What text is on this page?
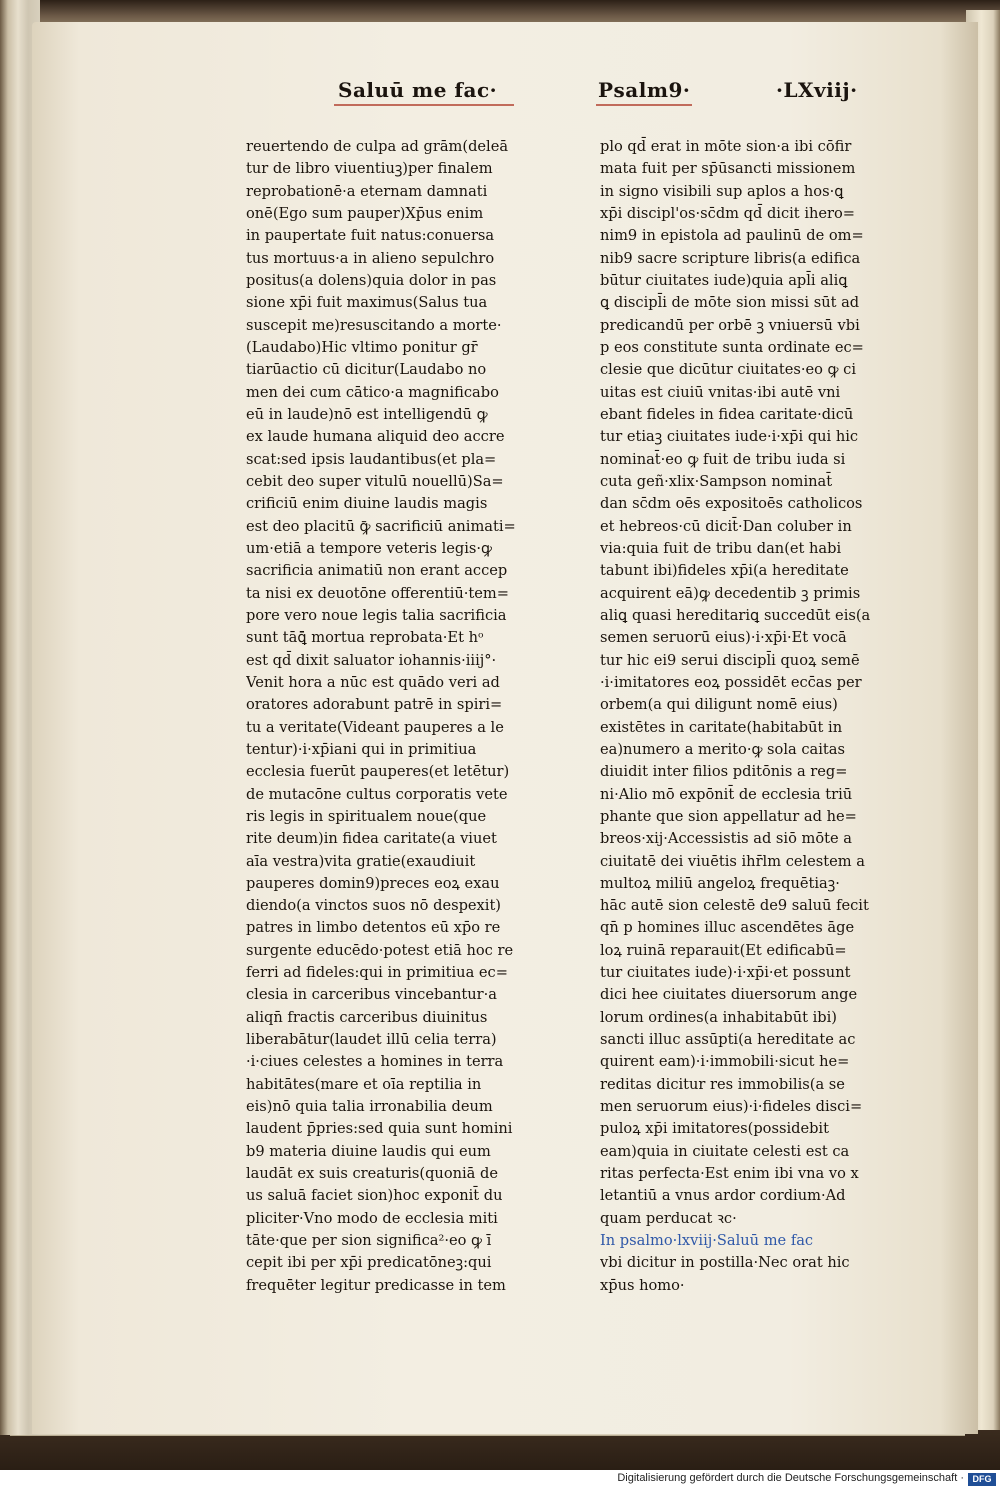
Saluū me fac·	Psalm9·	·LXviij·
reuertendo de culpa ad grām(deleā
tur de libro viuentiuꝫ)per finalem
reprobationē·a eternam damnati
onē(Ego sum pauper)Xp̄us enim
in paupertate fuit natus:conuersa
tus mortuus·a in alieno sepulchro
positus(a dolens)quia dolor in pas
sione xp̄i fuit maximus(Salus tua
suscepit me)resuscitando a morte·
(Laudabo)Hic vltimo ponitur gr̄
tiarūactio cū dicitur(Laudabo no
men dei cum cātico·a magnificabo
eū in laude)nō est intelligendū ꝙ
ex laude humana aliquid deo accre
scat:sed ipsis laudantibus(et pla=
cebit deo super vitulū nouellū)Sa=
crificiū enim diuine laudis magis
est deo placitū ꝙ̄ sacrificiū animati=
um·etiā a tempore veteris legis·ꝙ
sacrificia animatiū non erant accep
ta nisi ex deuotōne offerentiū·tem=
pore vero noue legis talia sacrificia
sunt tāꝗ̄ mortua reprobata·Et hᵒ
est qd̄ dixit saluator iohannis·iiij°·
Venit hora a nūc est quādo veri ad
oratores adorabunt patrē in spiri=
tu a veritate(Videant pauperes a le
tentur)·i·xp̄iani qui in primitiua
ecclesia fuerūt pauperes(et letētur)
de mutacōne cultus corporatis vete
ris legis in spiritualem noue(que
rite deum)in fidea caritate(a viuet
aīa vestra)vita gratie(exaudiuit
pauperes domin9)preces eoꝝ exau
diendo(a vinctos suos nō despexit)
patres in limbo detentos eū xp̄o re
surgente educēdo·potest etiā hoc re
ferri ad fideles:qui in primitiua ec=
clesia in carceribus vincebantur·a
aliqn̄ fractis carceribus diuinitus
liberabātur(laudet illū celia terra)
·i·ciues celestes a homines in terra
habitātes(mare et oīa reptilia in
eis)nō quia talia irronabilia deum
laudent p̄pries:sed quia sunt homini
b9 materia diuine laudis qui eum
laudāt ex suis creaturis(quoniā de
us saluā faciet sion)hoc exponit̄ du
pliciter·Vno modo de ecclesia miti
tāte·que per sion significa²·eo ꝙ ī
cepit ibi per xp̄i predicatōneꝫ:qui
frequēter legitur predicasse in tem
plo qd̄ erat in mōte sion·a ibi cōfir
mata fuit per sp̄ūsancti missionem
in signo visibili sup aplos a hos·ꝗ
xp̄i discipl'os·sc̄dm qd̄ dicit ihero=
nim9 in epistola ad paulinū de om=
nib9 sacre scripture libris(a edifica
būtur ciuitates iude)quia apl̄i aliꝗ
ꝗ discipl̄i de mōte sion missi sūt ad
predicandū per orbē ꝫ vniuersū vbi
p eos constitute sunta ordinate ec=
clesie que dicūtur ciuitates·eo ꝙ ci
uitas est ciuiū vnitas·ibi autē vni
ebant fideles in fidea caritate·dicū
tur etiaꝫ ciuitates iude·i·xp̄i qui hic
nominat̄·eo ꝙ fuit de tribu iuda si
cuta geñ·xlix·Sampson nominat̄
dan sc̄dm oēs expositoēs catholicos
et hebreos·cū dicit̄·Dan coluber in
via:quia fuit de tribu dan(et habi
tabunt ibi)fideles xp̄i(a hereditate
acquirent eā)ꝙ decedentib ꝫ primis
aliꝗ quasi hereditariꝗ succedūt eis(a
semen seruorū eius)·i·xp̄i·Et vocā
tur hic ei9 serui discipl̄i quoꝝ semē
·i·imitatores eoꝝ possidēt ecc̄as per
orbem(a qui diligunt nomē eius)
existētes in caritate(habitabūt in
ea)numero a merito·ꝙ sola caitas
diuidit inter filios pditōnis a reg=
ni·Alio mō expōnit̄ de ecclesia triū
phante que sion appellatur ad he=
breos·xij·Accessistis ad siō mōte a
ciuitatē dei viuētis ihr̄lm celestem a
multoꝝ miliū angeloꝝ frequētiaꝫ·
hāc autē sion celestē de9 saluū fecit
qn̄ p homines illuc ascendētes āge
loꝝ ruinā reparauit(Et edificabū=
tur ciuitates iude)·i·xp̄i·et possunt
dici hee ciuitates diuersorum ange
lorum ordines(a inhabitabūt ibi)
sancti illuc assūpti(a hereditate ac
quirent eam)·i·immobili·sicut he=
reditas dicitur res immobilis(a se
men seruorum eius)·i·fideles disci=
puloꝝ xp̄i imitatores(possidebit
eam)quia in ciuitate celesti est ca
ritas perfecta·Est enim ibi vna vo x
letantiū a vnus ardor cordium·Ad
quam perducat ꝛc·
In psalmo·lxviij·Saluū me fac
vbi dicitur in postilla·Nec orat hic
xp̄us homo·
Digitalisierung gefördert durch die Deutsche Forschungsgemeinschaft · DFG
